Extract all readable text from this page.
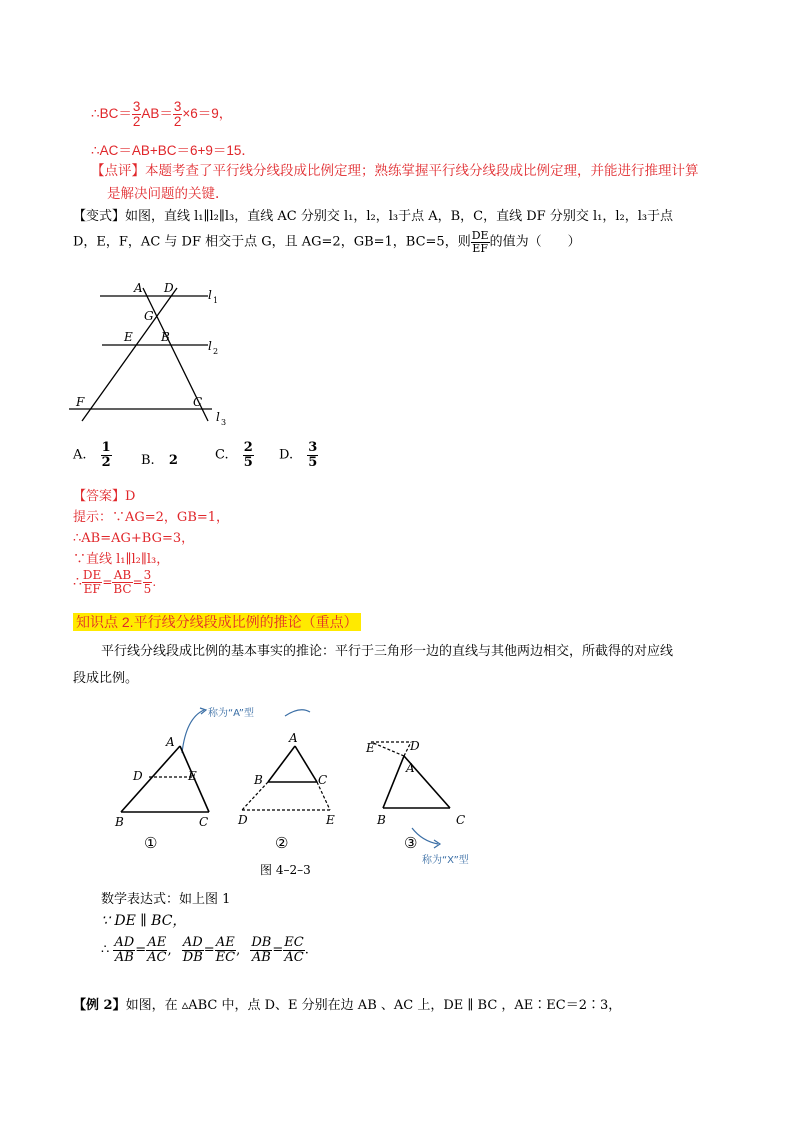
∴BC＝ $\frac{3}{2} AB= \frac{3}{2} \times 6=9$，
∴AC＝AB+BC＝6+9＝15．
【点评】本题考查了平行线分线段成比例定理；熟练掌握平行线分线段成比例定理，并能进行推理计算
是解决问题的关键.
【变式】如图，直线 l₁∥l₂∥l₃，直线 AC 分别交 l₁，l₂，l₃于点 A，B，C，直线 DF 分别交 l₁，l₂，l₃于点
D，E，F，AC 与 DF 相交于点 G，且 AG=2，GB=1，BC=5，则 $\frac{DE}{EF}$ 的值为（　　）
A D
G
E B
F	C
l
l
l
1
2
3
A. $\frac{1}{2} B$. 2	C. $\frac{2}{5} D$. $\frac{3}{5}$
【答案】D
提示：∵AG=2，GB=1，
∴AB=AG+BG=3，
∵直线 l₁∥l₂∥l₃，
∴ $\frac{DE}{EF} = \frac{AB}{BC} = \frac{3}{5}$ .
知识点 2.平行线分线段成比例的推论（重点）
平行线分线段成比例的基本事实的推论：平行于三角形一边的直线与其他两边相交，所截得的对应线
段成比例。
称为“A”型
称为“X”型
A
D	E
B	C
①
A
B	C
D	E
②
E	D
A
B	C
③
图 4–2–3
数学表达式：如上图 1
∵ DE ∥ BC，
∴ $\frac{AD}{AB} = \frac{AE}{AC}$ , $\frac{AD}{DB} = \frac{AE}{EC}$ , $\frac{DB}{AB} = \frac{EC}{AC}$ .
【例 2】如图，在 ▵ABC 中，点 D、E 分别在边 AB 、AC 上，DE ∥ BC ，AE∶EC＝2∶3，
